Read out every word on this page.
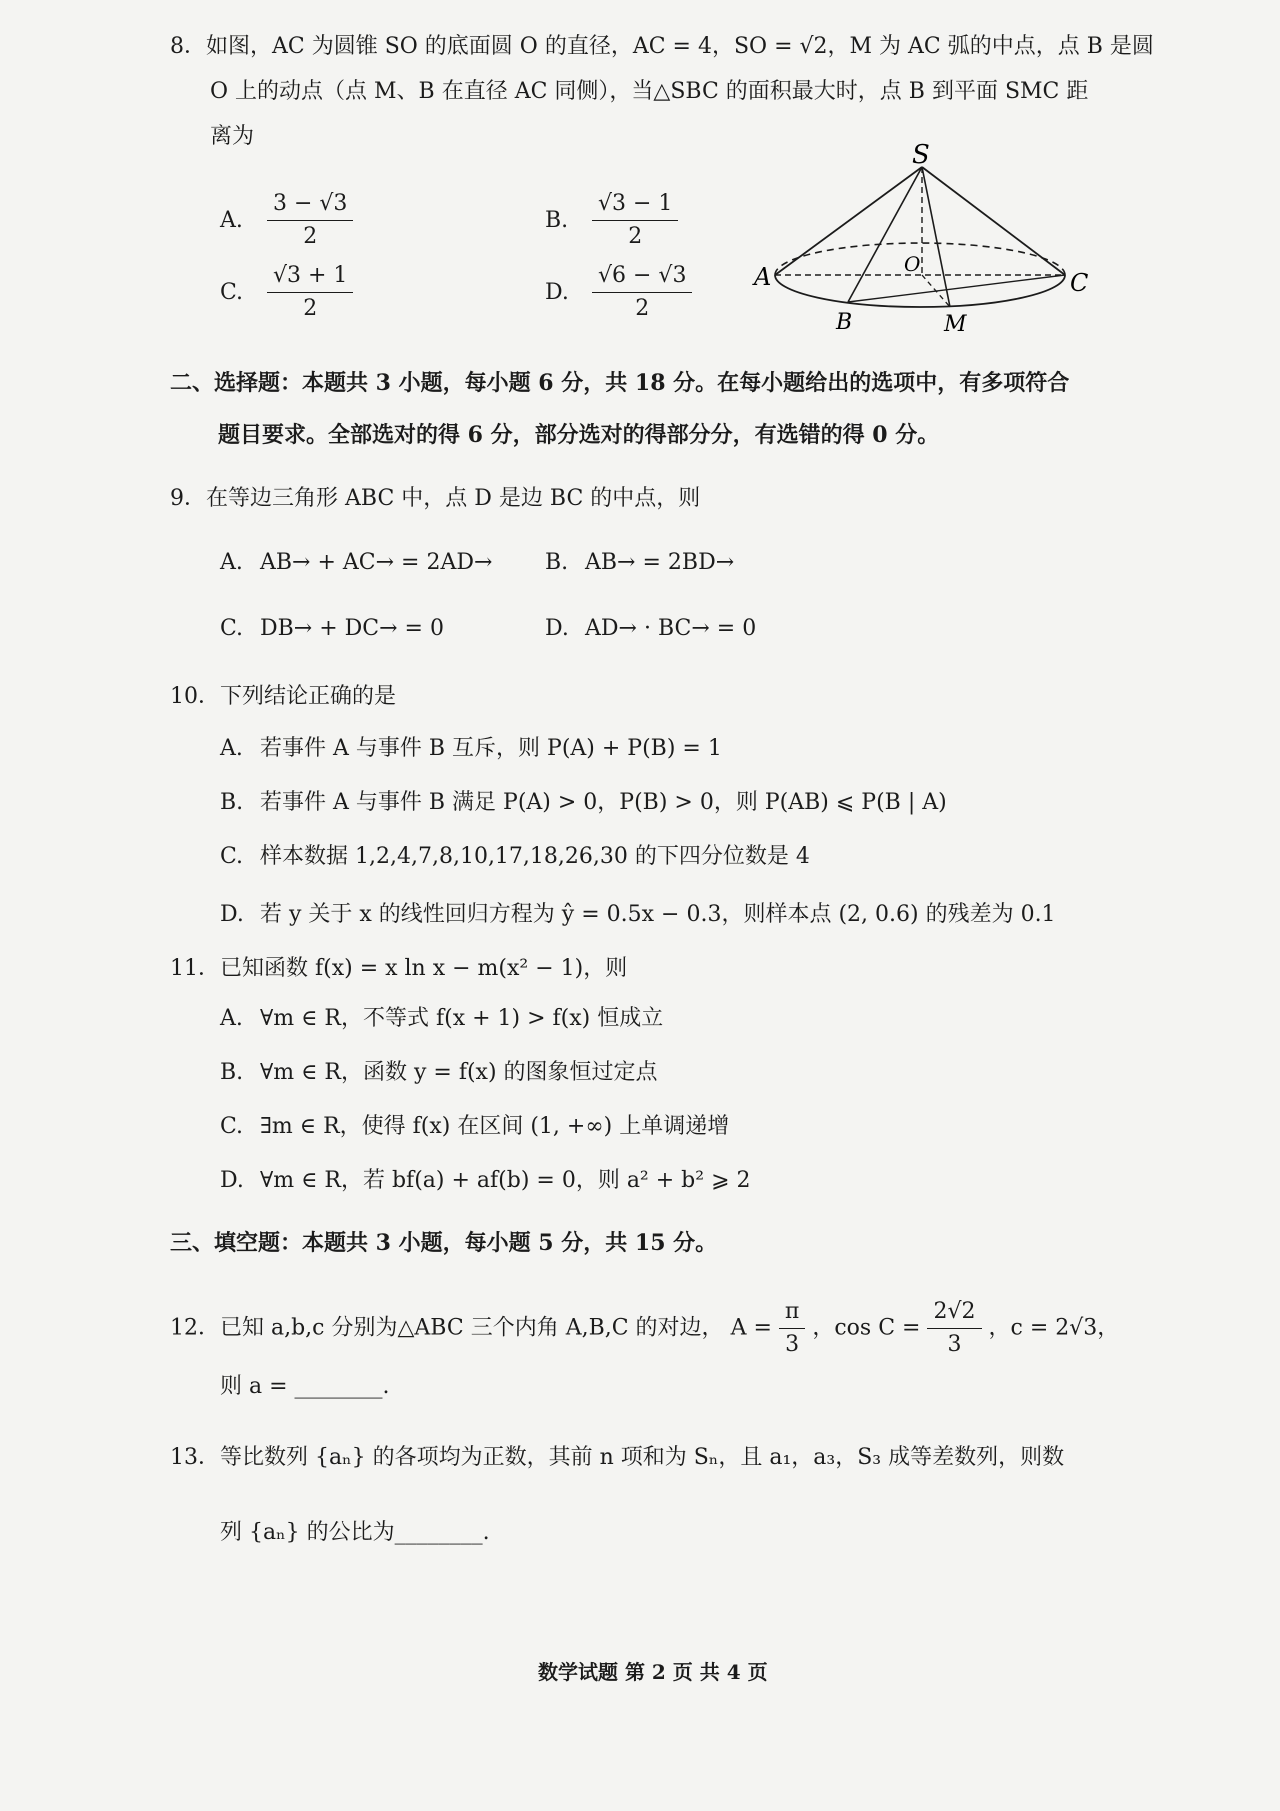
8．如图，AC 为圆锥 SO 的底面圆 O 的直径，AC = 4，SO = √2，M 为 AC 弧的中点，点 B 是圆
O 上的动点（点 M、B 在直径 AC 同侧），当△SBC 的面积最大时，点 B 到平面 SMC 距
离为
A. $\frac{3 - √3}{2}$	B. $\frac{√3 - 1}{2}$
C. $\frac{√3 + 1}{2}$	D. $\frac{√6 - √3}{2}$
S
O
A	C
B	M
二、选择题：本题共 3 小题，每小题 6 分，共 18 分。在每小题给出的选项中，有多项符合
题目要求。全部选对的得 6 分，部分选对的得部分分，有选错的得 0 分。
9．在等边三角形 ABC 中，点 D 是边 BC 的中点，则
A. AB→ + AC→ = 2AD→ B. AB→ = 2BD→
C. DB→ + DC→ = 0	D. AD→ · BC→ = 0
10．下列结论正确的是
A. 若事件 A 与事件 B 互斥，则 P(A) + P(B) = 1
B. 若事件 A 与事件 B 满足 P(A) > 0，P(B) > 0，则 P(AB) ⩽ P(B | A)
C. 样本数据 1,2,4,7,8,10,17,18,26,30 的下四分位数是 4
D. 若 y 关于 x 的线性回归方程为 ŷ = 0.5x − 0.3，则样本点 (2, 0.6) 的残差为 0.1
11．已知函数 f(x) = x ln x − m(x² − 1)，则
A. ∀m ∈ R，不等式 f(x + 1) > f(x) 恒成立
B. ∀m ∈ R，函数 y = f(x) 的图象恒过定点
C. ∃m ∈ R，使得 f(x) 在区间 (1, +∞) 上单调递增
D. ∀m ∈ R，若 bf(a) + af(b) = 0，则 a² + b² ⩾ 2
三、填空题：本题共 3 小题，每小题 5 分，共 15 分。
12．已知 a,b,c 分别为△ABC 三个内角 A,B,C 的对边， $A = \frac{\pi}{3}$ ，$\cos C = \frac{2√2}{3}$ ，c = 2√3，
则 a = ________.
13．等比数列 {aₙ} 的各项均为正数，其前 n 项和为 Sₙ，且 a₁，a₃，S₃ 成等差数列，则数
列 {aₙ} 的公比为________.
数学试题 第 2 页 共 4 页
